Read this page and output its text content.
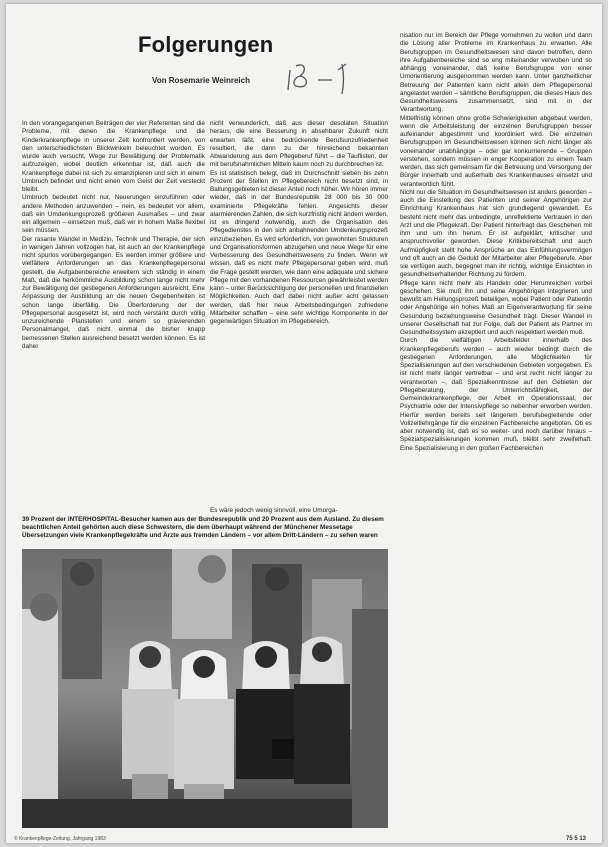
Folgerungen
Von Rosemarie Weinreich

In den vorangegangenen Beiträgen der vier Referenten sind die Probleme, mit denen die Krankenpflege und die Kinderkrankenpflege in unserer Zeit konfrontiert werden, von den unterschiedlichsten Blickwinkeln beleuchtet worden. Es wurde auch versucht, Wege zur Bewältigung der Problematik aufzuzeigen, wobei deutlich erkennbar ist, daß auch die Krankenpflege dabei ist sich zu emanzipieren und sich in einem Umbruch befindet und nicht einen vom Geist der Zeit versteckt bleibt.
Umbruch bedeutet nicht nur, Neuerungen einzuführen oder andere Methoden anzuwenden – nein, es bedeutet vor allem, daß ein Umdenkungsprozeß größeren Ausmaßes – und zwar ein allgemein – einsetzen muß, daß wir in hohem Maße flexibel sein müssen.
Der rasante Wandel in Medizin, Technik und Therapie, der sich in wenigen Jahren vollzogen hat, ist auch an der Krankenpflege nicht spurlos vorübergegangen. Es werden immer größere und vielfältere Anforderungen an das Krankenpflegepersonal gestellt, die Aufgabenbereiche erweitern sich ständig in einem Maß, daß die herkömmliche Ausbildung schon lange nicht mehr zur Bewältigung der gestiegenen Anforderungen ausreicht. Eine Anpassung der Ausbildung an die neuen Gegebenheiten ist schon lange überfällig. Die Überforderung der der Pflegepersonal ausgesetzt ist, wird noch verstärkt durch völlig unzureichende Planstellen und einem so gravierenden Personalmangel, daß nicht einmal die bisher knapp bemessenen Stellen ausreichend besetzt werden können. Es ist daher

nicht verwunderlich, daß aus dieser desolaten Situation heraus, die eine Besserung in absehbarer Zukunft nicht erwarten läßt, eine bedrückende Berufsunzufriedenheit resultiert, die dann zu der hinreichend bekannten Abwanderung aus dem Pflegeberuf führt – die Tauflisten, der mit berufsnahmlichen Mitteln kaum noch zu durchbrechen ist.
Es ist statistisch belegt, daß im Durchschnitt sieben bis zehn Prozent der Stellen im Pflegebereich nicht besetzt sind, in Ballungsgebieten ist dieser Anteil noch höher. Wir hören immer wieder, daß in der Bundesrepublik 28 000 bis 30 000 examinierte Pflegekräfte fehlen. Angesichts dieser alarmierenden Zahlen, die sich kurzfristig nicht ändern werden, ist es dringend notwendig, auch die Organisation des Pflegedienstes in den sich anbahnenden Umdenkungsprozeß einzubeziehen. Es wird erforderlich, von gewohnten Strukturen und Organisationsformen abzugehen und neue Wege für eine Verbesserung des Gesundheitswesens zu finden. Wenn wir wissen, daß es nicht mehr Pflegepersonal geben wird, muß die Frage gestellt werden, wie dann eine adäquate und sichere Pflege mit den vorhandenen Ressourcen gewährleistet werden kann – unter Berücksichtigung der personellen und finanziellen Möglichkeiten. Auch darf dabei nicht außer acht gelassen werden, daß hier neue Arbeitsbedingungen zufriedene Mitarbeiter schaffen – eine sehr wichtige Komponente in der gegenwärtigen Situation im Pflegebereich.

Es wäre jedoch wenig sinnvoll, eine Umorga-

nisation nur im Bereich der Pflege vornehmen zu wollen und dann die Lösung aller Probleme im Krankenhaus zu erwarten. Alle Berufsgruppen im Gesundheitswesen sind davon betroffen, denn ihre Aufgabenbereiche sind so eng miteinander verwoben und so abhängig voneinander, daß keine Berufsgruppe von einer Umorientierung ausgenommen werden kann. Unter ganzheitlicher Betreuung der Patienten kann nicht allein dem Pflegepersonal angelastet werden – sämtliche Berufsgruppen, die dieses Haus des Gesundheitswesens zusammensetzt, sind mit in der Verantwortung.
Mittelfristig können ohne große Schwierigkeiten abgebaut werden, wenn die Arbeitsleistung der einzelnen Berufsgruppen besser aufeinander abgestimmt und koordiniert wird. Die einzelnen Berufsgruppen im Gesundheitswesen können sich nicht länger als voneinander unabhängige – oder gar konkurrierende – Gruppen verstehen, sondern müssen in enger Kooperation zu einem Team werden, das sich gemeinsam für die Betreuung und Versorgung der Bürger innerhalb und außerhalb des Krankenhauses einsetzt und verantwortlich fühlt.
Nicht nur die Situation im Gesundheitswesen ist anders geworden – auch die Einstellung des Patienten und seiner Angehörigen zur Einrichtung Krankenhaus hat sich grundlegend gewandelt. Es besteht nicht mehr das unbedingte, unreflektierte Vertrauen in den Arzt und die Pflegekraft. Der Patient hinterfragt das Geschehen mit ihm und um ihn herum. Er ist aufgeklärt, kritischer und anspruchsvoller geworden. Diese Kritikbereitschaft und auch Aufmüpfigkeit stellt hohe Ansprüche an das Einfühlungsvermögen und oft auch an die Geduld der Mitarbeiter aller Pflegeberufe. Aber sie verfügen auch, begegnet man ihr richtig, wichtige Einsichten in gesundheitserhaltender Richtung zu fördern.
Pflege kann nicht mehr als Handeln oder Herumreichen vorbei geschehen. Sie muß ihn und seine Angehörigen integrieren und bewußt am Heilungsprozeß beteiligen, wobei Patient oder Patientin oder Angehörige ein hohes Maß an Eigenverantwortung für seine Gesundung beziehungsweise Gesundheit trägt. Dieser Wandel in unserer Gesellschaft hat zur Folge, daß der Patient als Partner im Gesundheitssystem akzeptiert und auch respektiert werden muß.
Durch die vielfältigen Arbeitsfelder innerhalb des Krankenpflegeberufs werden – auch wieder bedingt durch die gestiegenen Anforderungen, alle Möglichkeiten für Spezialisierungen auf den verschiedenen Gebieten vorgegeben. Es ist nicht mehr länger vertretbar – und erst recht nicht länger zu verantworten –, daß Spezialkenntnisse auf den Gebieten der Pflegeberatung, der Unterrichtsfähigkeit, der Gemeindekrankenpflege, der Arbeit im Operationssaal, der Psychiatrie oder der Intensivpflege so nebenher erworben werden. Hierfür werden bereits seit längerem berufsbegleitende oder Vollzeitlehrgänge für die einzelnen Fachbereiche angeboten. Ob es aber notwendig ist, daß es so weiter- und noch darüber hinaus – Spezialspezialisierungen kommen muß, bleibt sehr zweifelhaft. Eine Spezialisierung in den großen Fachbereichen

39 Prozent der INTERHOSPITAL-Besucher kamen aus der Bundesrepublik und 20 Prozent aus dem Ausland. Zu diesem beachtlichen Anteil gehörten auch diese Schwestern, die dem überhaupt während der Münchener Messetage Übersetzungen viele Krankenpflegekräfte und Ärzte aus fremden Ländern – vor allem Dritt-Ländern – zu sehen waren
© Krankenpflege-Zeitung, Jahrgang 1983	75 5 13
